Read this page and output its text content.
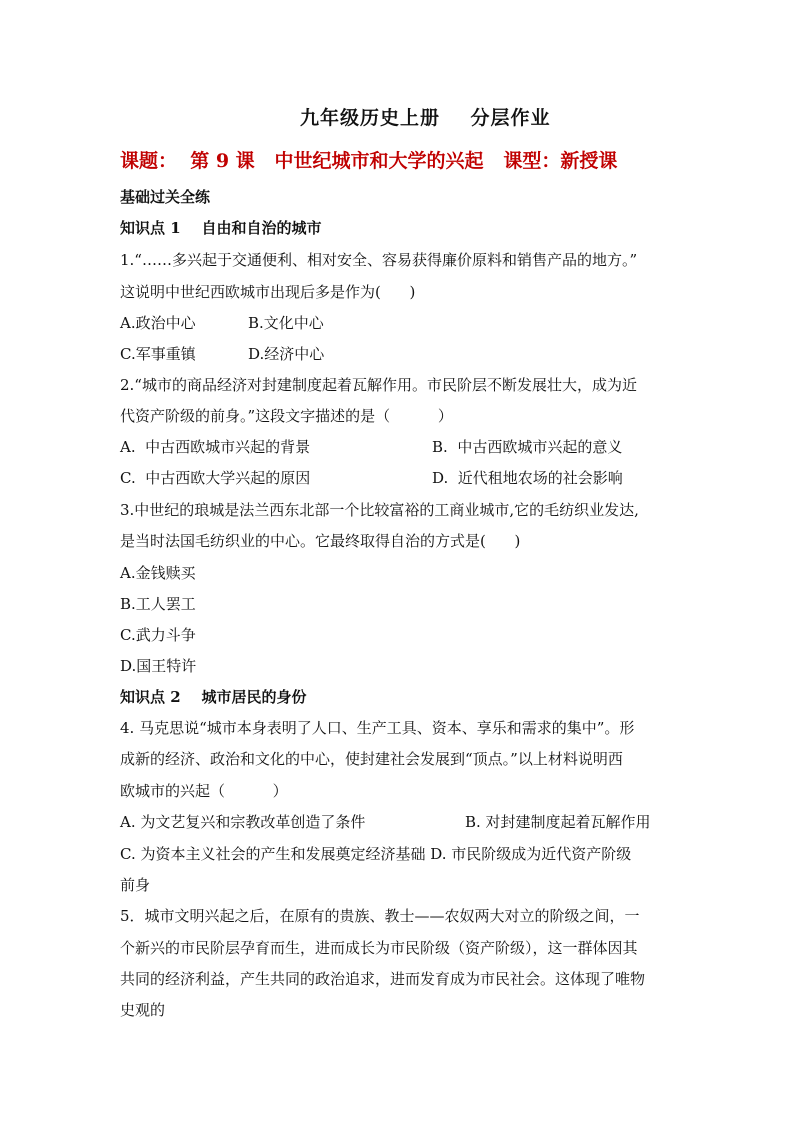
九年级历史上册    分层作业
课题：  第 9 课   中世纪城市和大学的兴起   课型：新授课
基础过关全练
知识点 1    自由和自治的城市
1.“……多兴起于交通便利、相对安全、容易获得廉价原料和销售产品的地方。”
这说明中世纪西欧城市出现后多是作为(      )
A.政治中心	B.文化中心
C.军事重镇	D.经济中心
2.“城市的商品经济对封建制度起着瓦解作用。市民阶层不断发展壮大，成为近
代资产阶级的前身。”这段文字描述的是（          ）
A.  中古西欧城市兴起的背景	B.  中古西欧城市兴起的意义
C.  中古西欧大学兴起的原因	D.  近代租地农场的社会影响
3.中世纪的琅城是法兰西东北部一个比较富裕的工商业城市,它的毛纺织业发达,
是当时法国毛纺织业的中心。它最终取得自治的方式是(      )
A.金钱赎买
B.工人罢工
C.武力斗争
D.国王特许
知识点 2    城市居民的身份
4. 马克思说“城市本身表明了人口、生产工具、资本、享乐和需求的集中”。形
成新的经济、政治和文化的中心，使封建社会发展到“顶点。”以上材料说明西
欧城市的兴起（          ）
A. 为文艺复兴和宗教改革创造了条件	B. 对封建制度起着瓦解作用
C. 为资本主义社会的产生和发展奠定经济基础 D. 市民阶级成为近代资产阶级
前身
5．城市文明兴起之后，在原有的贵族、教士——农奴两大对立的阶级之间，一
个新兴的市民阶层孕育而生，进而成长为市民阶级（资产阶级），这一群体因其
共同的经济利益，产生共同的政治追求，进而发育成为市民社会。这体现了唯物
史观的
